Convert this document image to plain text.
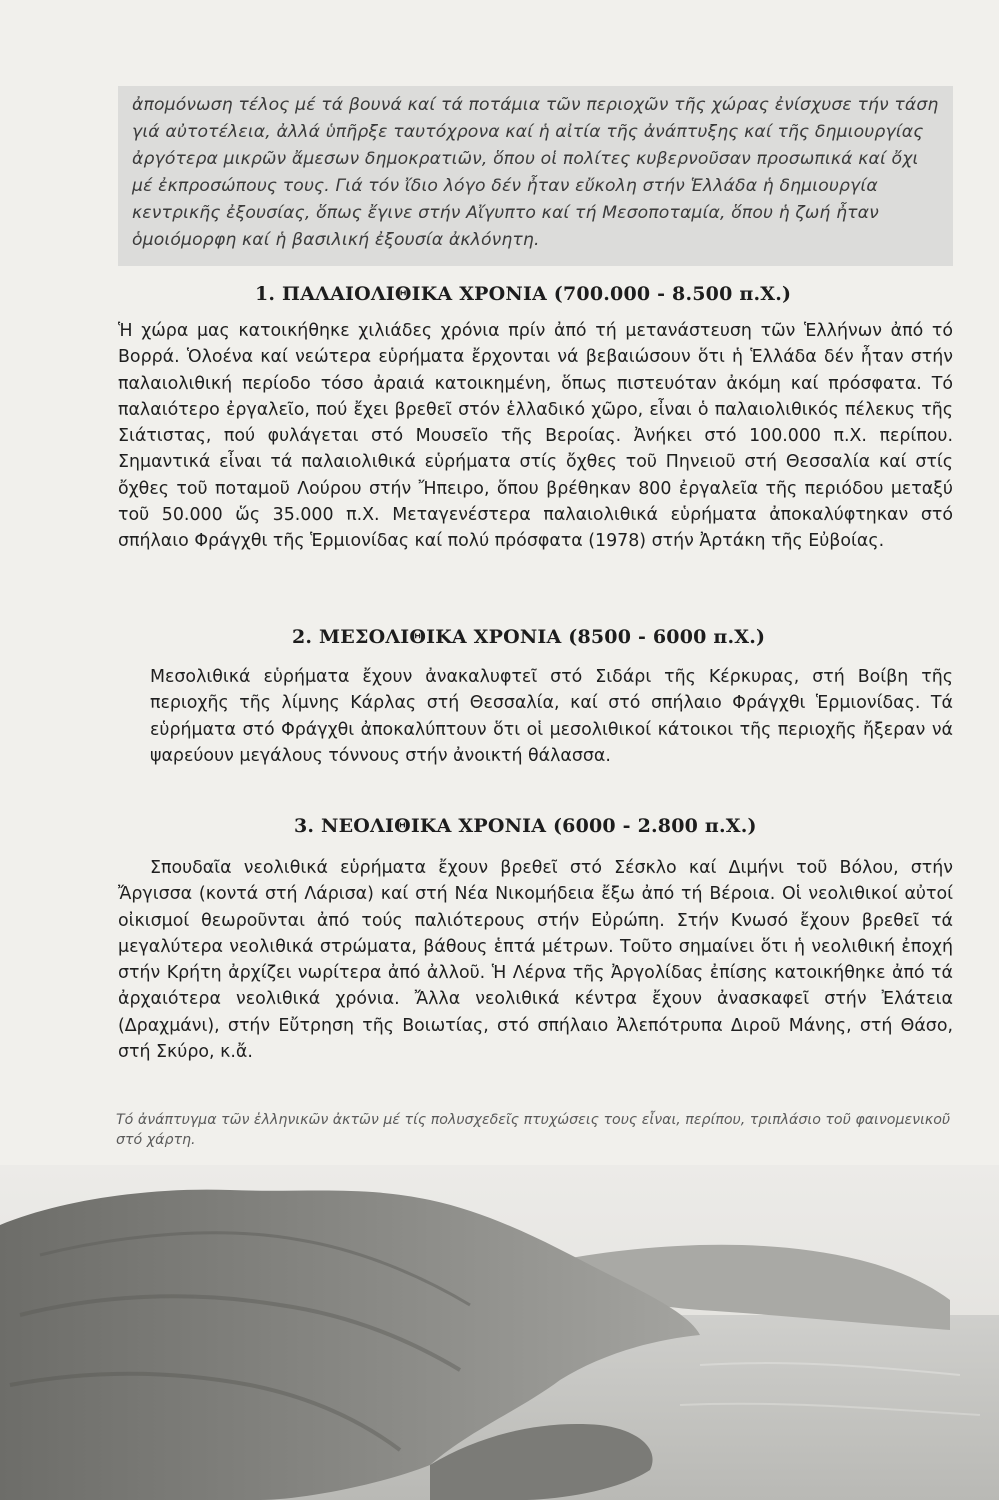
ἀπομόνωση τέλος μέ τά βουνά καί τά ποτάμια τῶν περιοχῶν τῆς χώρας ἐνίσχυσε τήν τάση γιά αὐτοτέλεια, ἀλλά ὑπῆρξε ταυτόχρονα καί ἡ αἰτία τῆς ἀνάπτυξης καί τῆς δημιουργίας ἀργότερα μικρῶν ἄμεσων δημοκρατιῶν, ὅπου οἱ πολίτες κυβερνοῦσαν προσωπικά καί ὄχι μέ ἐκπροσώπους τους. Γιά τόν ἴδιο λόγο δέν ἦταν εὔκολη στήν Ἑλλάδα ἡ δημιουργία κεντρικῆς ἐξουσίας, ὅπως ἔγινε στήν Αἴγυπτο καί τή Μεσοποταμία, ὅπου ἡ ζωή ἦταν ὁμοιόμορφη καί ἡ βασιλική ἐξουσία ἀκλόνητη.

1. ΠΑΛΑΙΟΛΙΘΙΚΑ ΧΡΟΝΙΑ (700.000 - 8.500 π.Χ.)

Ἡ χώρα μας κατοικήθηκε χιλιάδες χρόνια πρίν ἀπό τή μετανάστευση τῶν Ἑλλήνων ἀπό τό Βορρά. Ὁλοένα καί νεώτερα εὑρήματα ἔρχονται νά βεβαιώσουν ὅτι ἡ Ἑλλάδα δέν ἦταν στήν παλαιολιθική περίοδο τόσο ἀραιά κατοικημένη, ὅπως πιστευόταν ἀκόμη καί πρόσφατα. Τό παλαιότερο ἐργαλεῖο, πού ἔχει βρεθεῖ στόν ἑλλαδικό χῶρο, εἶναι ὁ παλαιολιθικός πέλεκυς τῆς Σιάτιστας, πού φυλάγεται στό Μουσεῖο τῆς Βεροίας. Ἀνήκει στό 100.000 π.Χ. περίπου. Σημαντικά εἶναι τά παλαιολιθικά εὑρήματα στίς ὄχθες τοῦ Πηνειοῦ στή Θεσσαλία καί στίς ὄχθες τοῦ ποταμοῦ Λούρου στήν Ἤπειρο, ὅπου βρέθηκαν 800 ἐργαλεῖα τῆς περιόδου μεταξύ τοῦ 50.000 ὥς 35.000 π.Χ. Μεταγενέστερα παλαιολιθικά εὑρήματα ἀποκαλύφτηκαν στό σπήλαιο Φράγχθι τῆς Ἑρμιονίδας καί πολύ πρόσφατα (1978) στήν Ἀρτάκη τῆς Εὐβοίας.

2. ΜΕΣΟΛΙΘΙΚΑ ΧΡΟΝΙΑ (8500 - 6000 π.Χ.)

Μεσολιθικά εὑρήματα ἔχουν ἀνακαλυφτεῖ στό Σιδάρι τῆς Κέρκυρας, στή Βοίβη τῆς περιοχῆς τῆς λίμνης Κάρλας στή Θεσσαλία, καί στό σπήλαιο Φράγχθι Ἑρμιονίδας. Τά εὑρήματα στό Φράγχθι ἀποκαλύπτουν ὅτι οἱ μεσολιθικοί κάτοικοι τῆς περιοχῆς ἤξεραν νά ψαρεύουν μεγάλους τόννους στήν ἀνοικτή θάλασσα.

3. ΝΕΟΛΙΘΙΚΑ ΧΡΟΝΙΑ (6000 - 2.800 π.Χ.)

Σπουδαῖα νεολιθικά εὑρήματα ἔχουν βρεθεῖ στό Σέσκλο καί Διμήνι τοῦ Βόλου, στήν Ἄργισσα (κοντά στή Λάρισα) καί στή Νέα Νικομήδεια ἔξω ἀπό τή Βέροια. Οἱ νεολιθικοί αὐτοί οἰκισμοί θεωροῦνται ἀπό τούς παλιότερους στήν Εὐρώπη. Στήν Κνωσό ἔχουν βρεθεῖ τά μεγαλύτερα νεολιθικά στρώματα, βάθους ἑπτά μέτρων. Τοῦτο σημαίνει ὅτι ἡ νεολιθική ἐποχή στήν Κρήτη ἀρχίζει νωρίτερα ἀπό ἀλλοῦ. Ἡ Λέρνα τῆς Ἀργολίδας ἐπίσης κατοικήθηκε ἀπό τά ἀρχαιότερα νεολιθικά χρόνια. Ἄλλα νεολιθικά κέντρα ἔχουν ἀνασκαφεῖ στήν Ἐλάτεια (Δραχμάνι), στήν Εὔτρηση τῆς Βοιωτίας, στό σπήλαιο Ἀλεπότρυπα Διροῦ Μάνης, στή Θάσο, στή Σκύρο, κ.ἄ.

Τό ἀνάπτυγμα τῶν ἑλληνικῶν ἀκτῶν μέ τίς πολυσχεδεῖς πτυχώσεις τους εἶναι, περίπου, τριπλάσιο τοῦ φαινομενικοῦ στό χάρτη.
